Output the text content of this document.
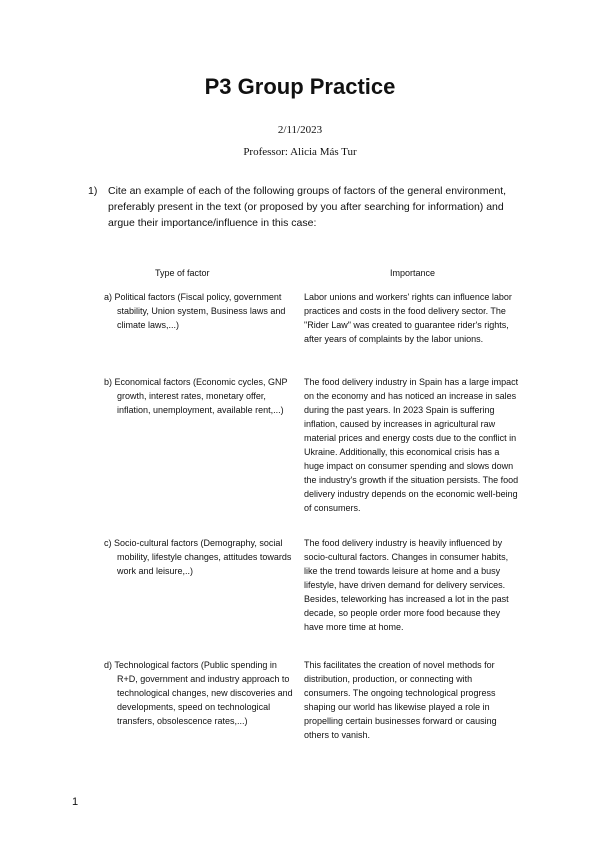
P3 Group Practice
2/11/2023
Professor: Alicia Más Tur
1) Cite an example of each of the following groups of factors of the general environment, preferably present in the text (or proposed by you after searching for information) and argue their importance/influence in this case:
Type of factor	Importance
a) Political factors (Fiscal policy, government stability, Union system, Business laws and climate laws,...)
Labor unions and workers' rights can influence labor practices and costs in the food delivery sector. The "Rider Law" was created to guarantee rider's rights, after years of complaints by the labor unions.
b) Economical factors (Economic cycles, GNP growth, interest rates, monetary offer, inflation, unemployment, available rent,...)
The food delivery industry in Spain has a large impact on the economy and has noticed an increase in sales during the past years. In 2023 Spain is suffering inflation, caused by increases in agricultural raw material prices and energy costs due to the conflict in Ukraine. Additionally, this economical crisis has a huge impact on consumer spending and slows down the industry's growth if the situation persists. The food delivery industry depends on the economic well-being of consumers.
c) Socio-cultural factors (Demography, social mobility, lifestyle changes, attitudes towards work and leisure,..)
The food delivery industry is heavily influenced by socio-cultural factors. Changes in consumer habits, like the trend towards leisure at home and a busy lifestyle, have driven demand for delivery services. Besides, teleworking has increased a lot in the past decade, so people order more food because they have more time at home.
d) Technological factors (Public spending in R+D, government and industry approach to technological changes, new discoveries and developments, speed on technological transfers, obsolescence rates,...)
This facilitates the creation of novel methods for distribution, production, or connecting with consumers. The ongoing technological progress shaping our world has likewise played a role in propelling certain businesses forward or causing others to vanish.
1
